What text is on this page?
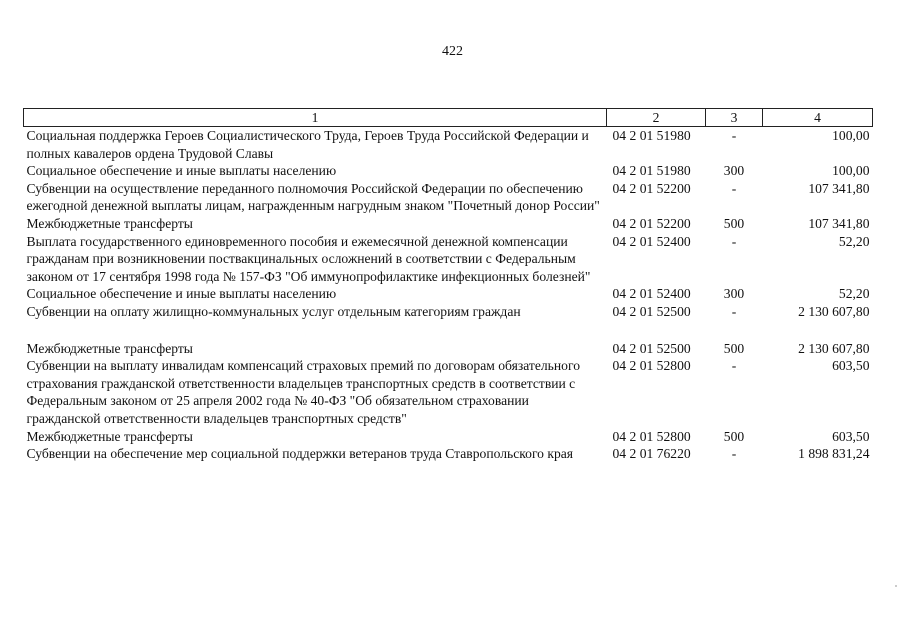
422
1	2	3	4
Социальная поддержка Героев Социалистического Труда, Героев Труда Российской Федерации и полных кавалеров ордена Трудовой Славы	04 2 01 51980	-	100,00
Социальное обеспечение и иные выплаты населению	04 2 01 51980	300	100,00
Субвенции на осуществление переданного полномочия Российской Федерации по обеспечению ежегодной денежной выплаты лицам, награжденным нагрудным знаком "Почетный донор России"	04 2 01 52200	-	107 341,80
Межбюджетные трансферты	04 2 01 52200	500	107 341,80
Выплата государственного единовременного пособия и ежемесячной денежной компенсации гражданам при возникновении поствакцинальных осложнений в соответствии с Федеральным законом от 17 сентября 1998 года № 157-ФЗ "Об иммунопрофилактике инфекционных болезней"	04 2 01 52400	-	52,20
Социальное обеспечение и иные выплаты населению	04 2 01 52400	300	52,20
Субвенции на оплату жилищно-коммунальных услуг отдельным категориям граждан	04 2 01 52500	-	2 130 607,80
Межбюджетные трансферты	04 2 01 52500	500	2 130 607,80
Субвенции на выплату инвалидам компенсаций страховых премий по договорам обязательного страхования гражданской ответственности владельцев транспортных средств в соответствии с Федеральным законом от 25 апреля 2002 года № 40-ФЗ "Об обязательном страховании гражданской ответственности владельцев транспортных средств"	04 2 01 52800	-	603,50
Межбюджетные трансферты	04 2 01 52800	500	603,50
Субвенции на обеспечение мер социальной поддержки ветеранов труда Ставропольского края	04 2 01 76220	-	1 898 831,24
